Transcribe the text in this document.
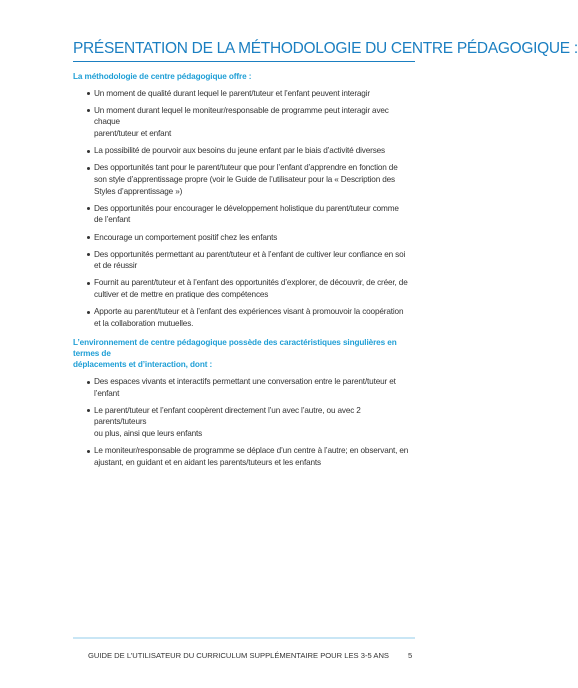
PRÉSENTATION DE LA MÉTHODOLOGIE DU CENTRE PÉDAGOGIQUE :

La méthodologie de centre pédagogique offre :

Un moment de qualité durant lequel le parent/tuteur et l’enfant peuvent interagir
Un moment durant lequel le moniteur/responsable de programme peut interagir avec chaque
parent/tuteur et enfant
La possibilité de pourvoir aux besoins du jeune enfant par le biais d’activité diverses
Des opportunités tant pour le parent/tuteur que pour l’enfant d’apprendre en fonction de
son style d’apprentissage propre (voir le Guide de l’utilisateur pour la « Description des
Styles d’apprentissage »)
Des opportunités pour encourager le développement holistique du parent/tuteur comme
de l’enfant
Encourage un comportement positif chez les enfants
Des opportunités permettant au parent/tuteur et à l’enfant de cultiver leur confiance en soi
et de réussir
Fournit au parent/tuteur et à l’enfant des opportunités d’explorer, de découvrir, de créer, de
cultiver et de mettre en pratique des compétences
Apporte au parent/tuteur et à l’enfant des expériences visant à promouvoir la coopération
et la collaboration mutuelles.

L’environnement de centre pédagogique possède des caractéristiques singulières en termes de
déplacements et d’interaction, dont :

Des espaces vivants et interactifs permettant une conversation entre le parent/tuteur et l’enfant
Le parent/tuteur et l’enfant coopèrent directement l’un avec l’autre, ou avec 2 parents/tuteurs
ou plus, ainsi que leurs enfants
Le moniteur/responsable de programme se déplace d’un centre à l’autre; en observant, en
ajustant, en guidant et en aidant les parents/tuteurs et les enfants
GUIDE DE L’UTILISATEUR DU CURRICULUM SUPPLÉMENTAIRE POUR LES 3-5 ANS	5
